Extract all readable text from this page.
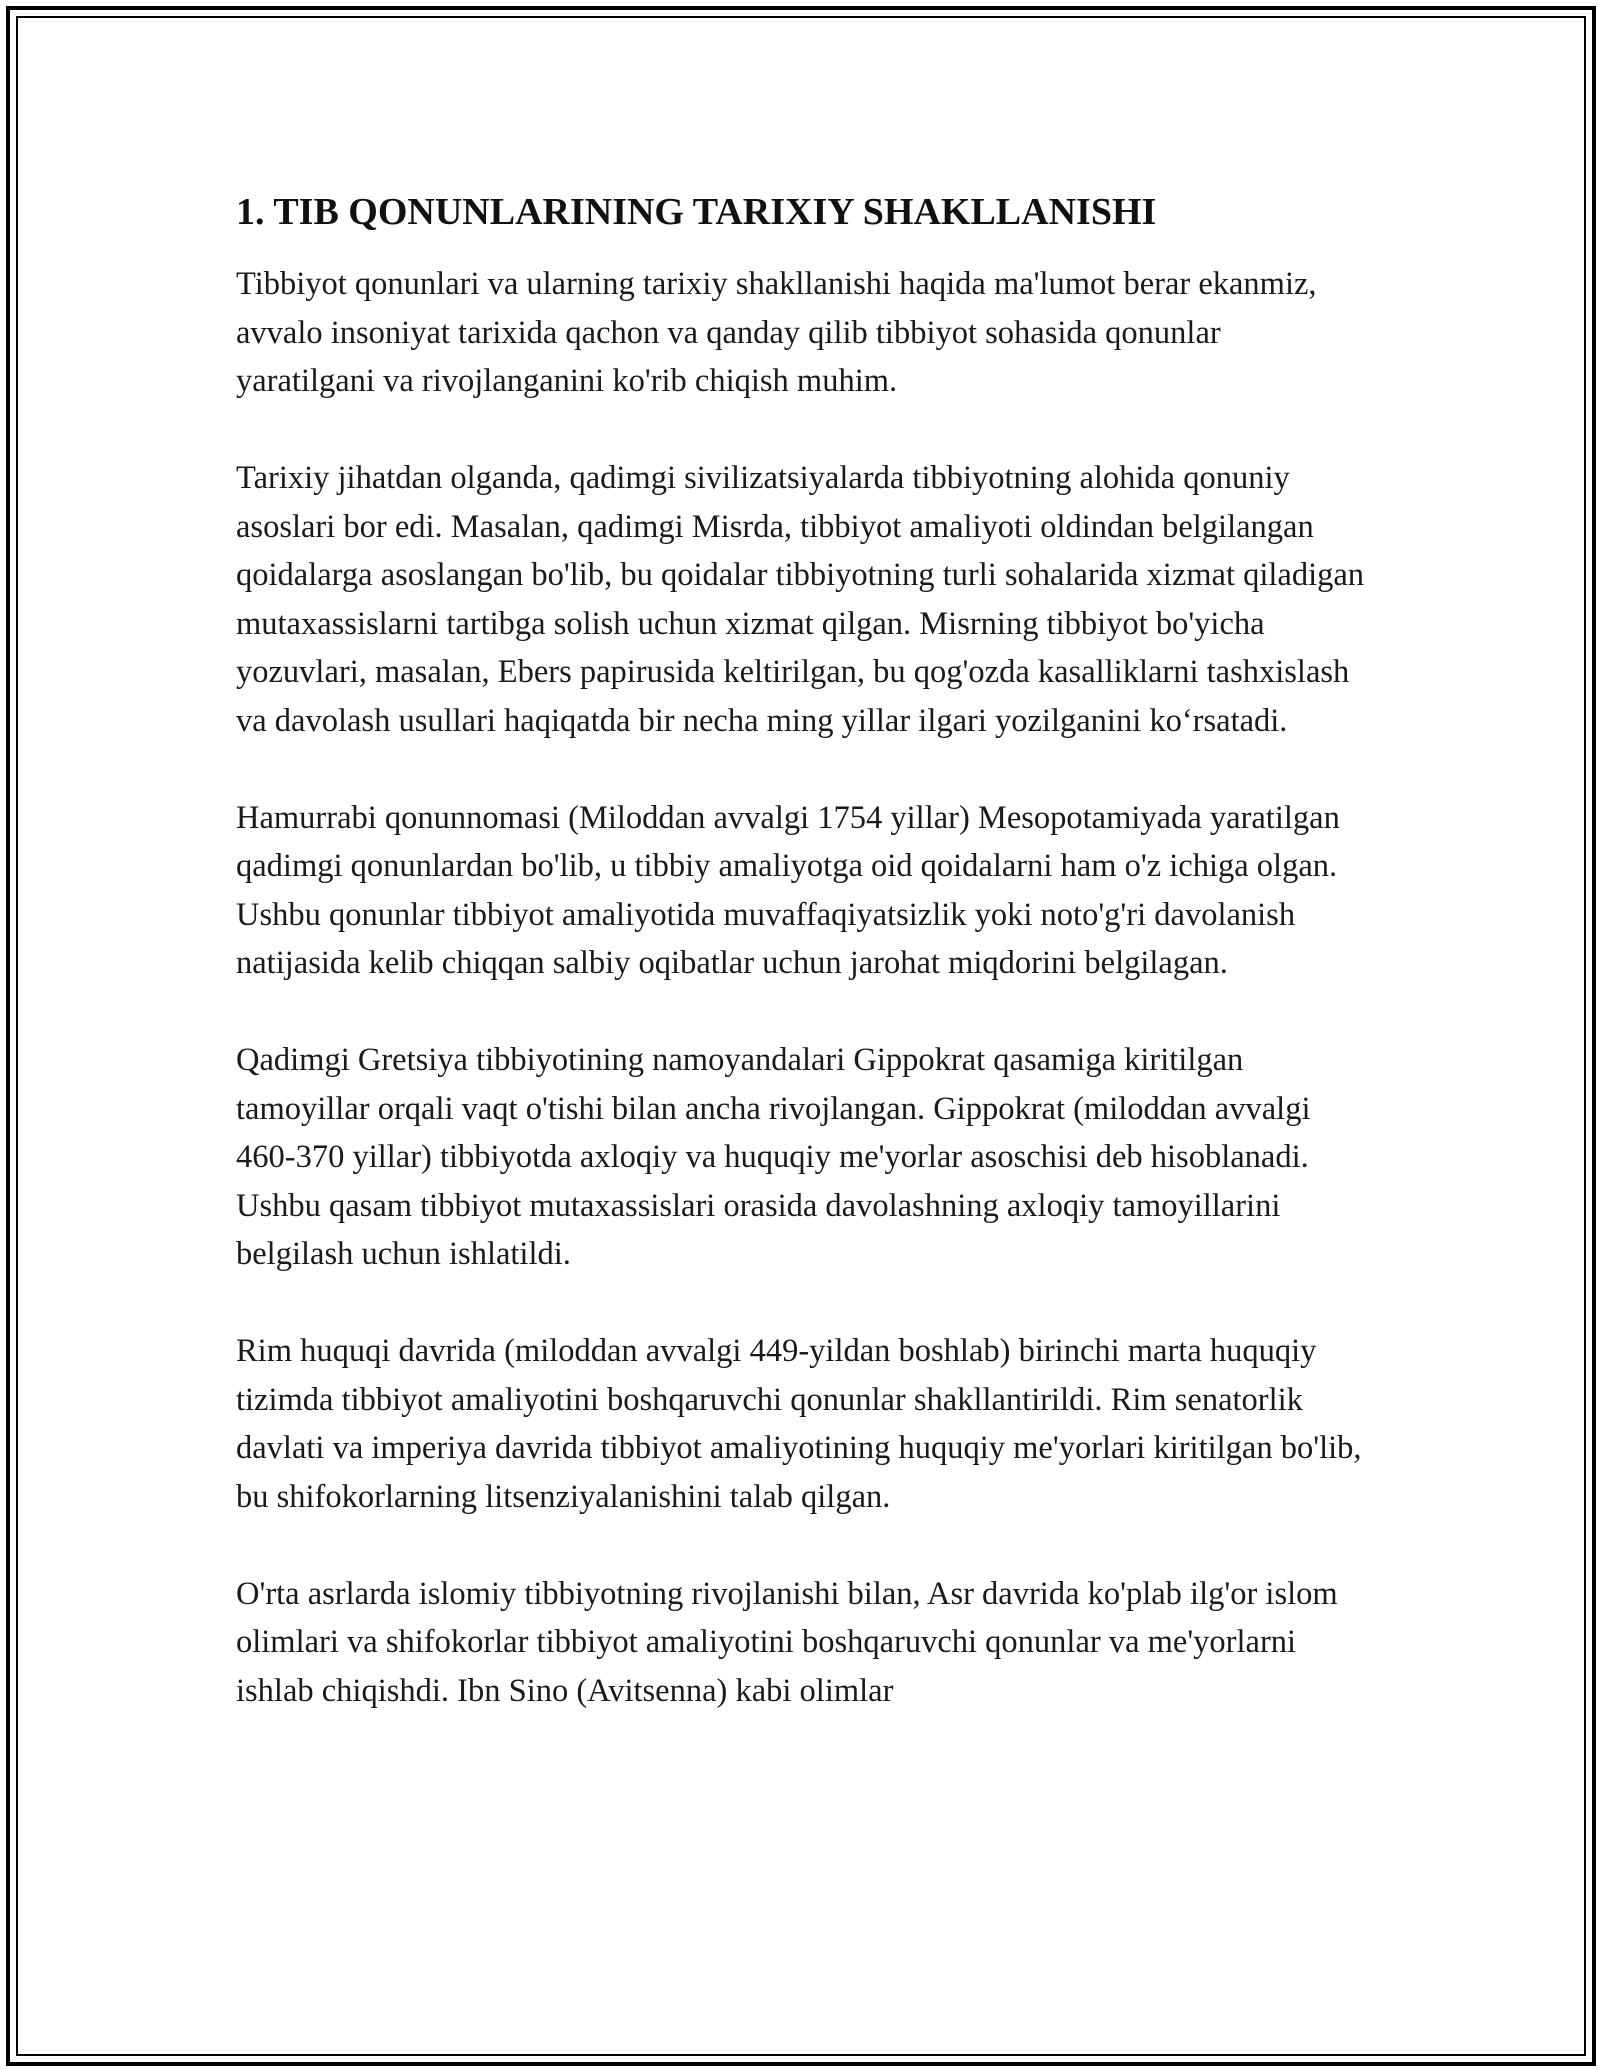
1. TIB QONUNLARINING TARIXIY SHAKLLANISHI

Tibbiyot qonunlari va ularning tarixiy shakllanishi haqida ma'lumot berar ekanmiz, avvalo insoniyat tarixida qachon va qanday qilib tibbiyot sohasida qonunlar yaratilgani va rivojlanganini ko'rib chiqish muhim.

Tarixiy jihatdan olganda, qadimgi sivilizatsiyalarda tibbiyotning alohida qonuniy asoslari bor edi. Masalan, qadimgi Misrda, tibbiyot amaliyoti oldindan belgilangan qoidalarga asoslangan bo'lib, bu qoidalar tibbiyotning turli sohalarida xizmat qiladigan mutaxassislarni tartibga solish uchun xizmat qilgan. Misrning tibbiyot bo'yicha yozuvlari, masalan, Ebers papirusida keltirilgan, bu qog'ozda kasalliklarni tashxislash va davolash usullari haqiqatda bir necha ming yillar ilgari yozilganini ko‘rsatadi.

Hamurrabi qonunnomasi (Miloddan avvalgi 1754 yillar) Mesopotamiyada yaratilgan qadimgi qonunlardan bo'lib, u tibbiy amaliyotga oid qoidalarni ham o'z ichiga olgan. Ushbu qonunlar tibbiyot amaliyotida muvaffaqiyatsizlik yoki noto'g'ri davolanish natijasida kelib chiqqan salbiy oqibatlar uchun jarohat miqdorini belgilagan.

Qadimgi Gretsiya tibbiyotining namoyandalari Gippokrat qasamiga kiritilgan tamoyillar orqali vaqt o'tishi bilan ancha rivojlangan. Gippokrat (miloddan avvalgi 460-370 yillar) tibbiyotda axloqiy va huquqiy me'yorlar asoschisi deb hisoblanadi. Ushbu qasam tibbiyot mutaxassislari orasida davolashning axloqiy tamoyillarini belgilash uchun ishlatildi.

Rim huquqi davrida (miloddan avvalgi 449-yildan boshlab) birinchi marta huquqiy tizimda tibbiyot amaliyotini boshqaruvchi qonunlar shakllantirildi. Rim senatorlik davlati va imperiya davrida tibbiyot amaliyotining huquqiy me'yorlari kiritilgan bo'lib, bu shifokorlarning litsenziyalanishini talab qilgan.

O'rta asrlarda islomiy tibbiyotning rivojlanishi bilan, Asr davrida ko'plab ilg'or islom olimlari va shifokorlar tibbiyot amaliyotini boshqaruvchi qonunlar va me'yorlarni ishlab chiqishdi. Ibn Sino (Avitsenna) kabi olimlar
